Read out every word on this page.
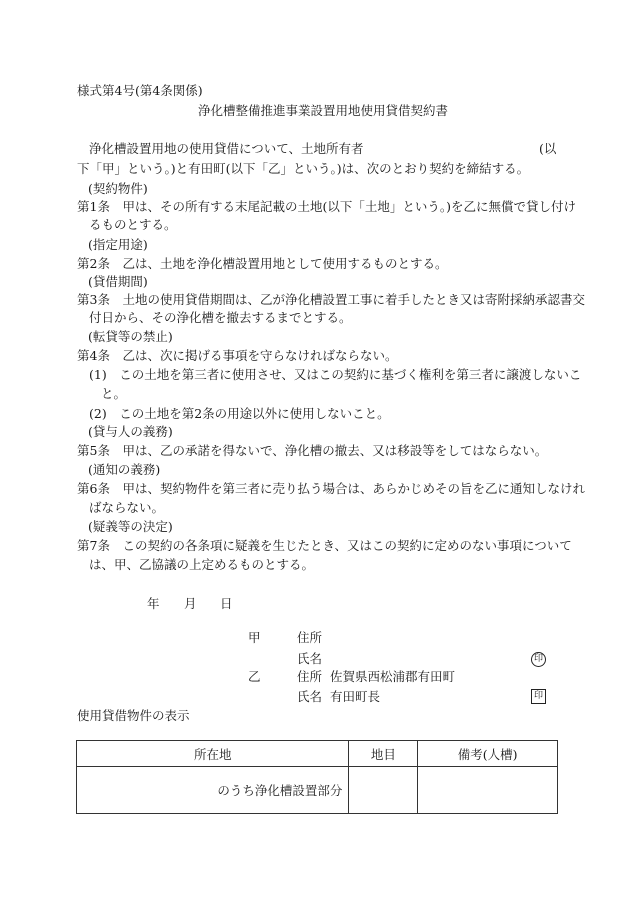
様式第4号(第4条関係)
浄化槽整備推進事業設置用地使用貸借契約書
浄化槽設置用地の使用貸借について、土地所有者	(以
下「甲」という。)と有田町(以下「乙」という。)は、次のとおり契約を締結する。
(契約物件)
第1条　甲は、その所有する末尾記載の土地(以下「土地」という。)を乙に無償で貸し付け
るものとする。
(指定用途)
第2条　乙は、土地を浄化槽設置用地として使用するものとする。
(貸借期間)
第3条　土地の使用貸借期間は、乙が浄化槽設置工事に着手したとき又は寄附採納承認書交
付日から、その浄化槽を撤去するまでとする。
(転貸等の禁止)
第4条　乙は、次に掲げる事項を守らなければならない。
(1)　この土地を第三者に使用させ、又はこの契約に基づく権利を第三者に譲渡しないこ
と。
(2)　この土地を第2条の用途以外に使用しないこと。
(貸与人の義務)
第5条　甲は、乙の承諾を得ないで、浄化槽の撤去、又は移設等をしてはならない。
(通知の義務)
第6条　甲は、契約物件を第三者に売り払う場合は、あらかじめその旨を乙に通知しなけれ
ばならない。
(疑義等の決定)
第7条　この契約の各条項に疑義を生じたとき、又はこの契約に定めのない事項について
は、甲、乙協議の上定めるものとする。
年 月 日
甲	住所
氏名	印
乙	住所 佐賀県西松浦郡有田町
氏名 有田町長	印
使用貸借物件の表示
所在地	地目	備考(人槽)
のうち浄化槽設置部分		
